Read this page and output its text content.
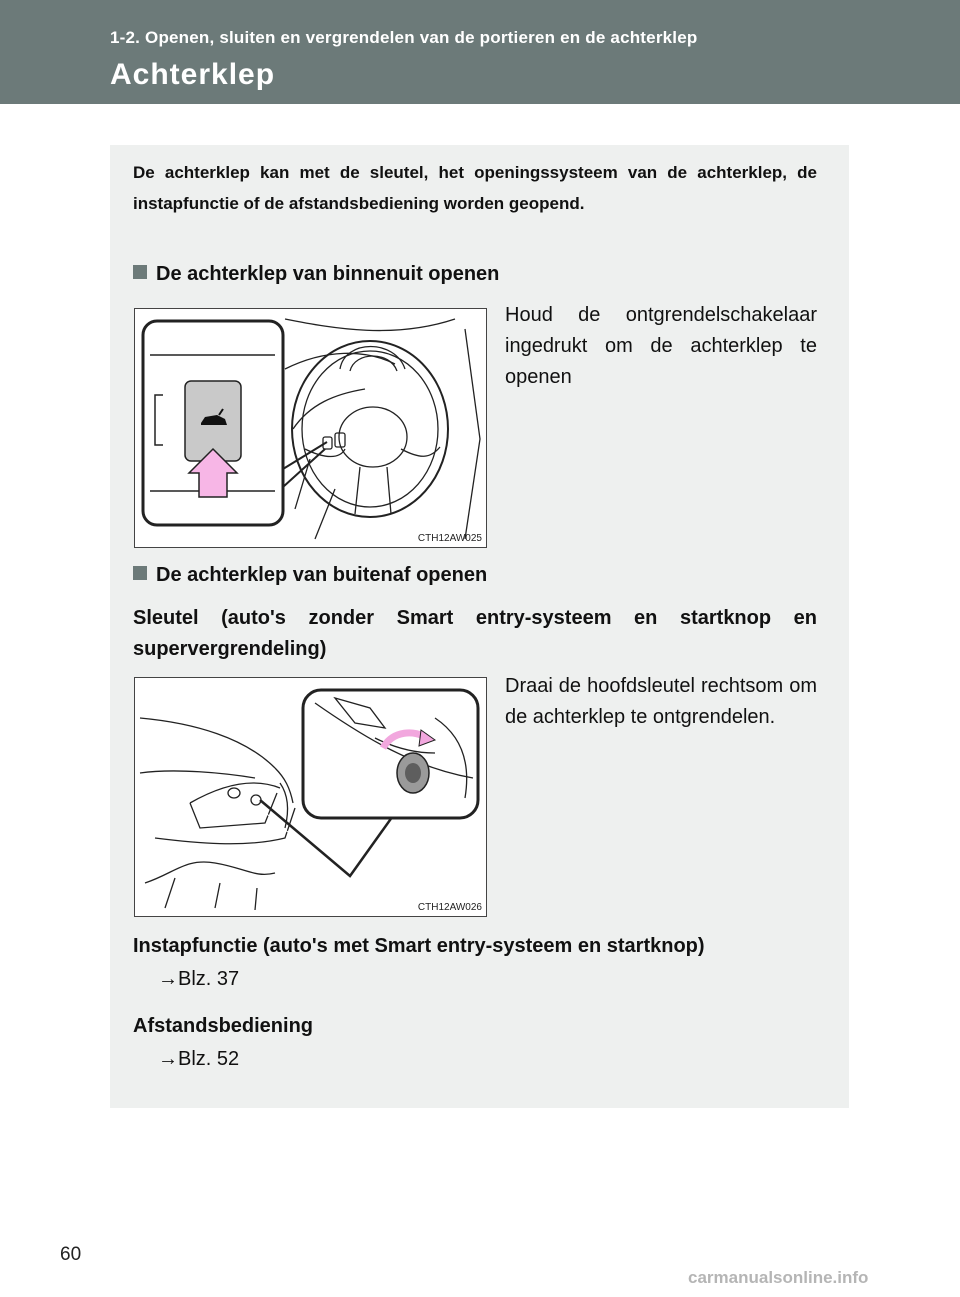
1-2. Openen, sluiten en vergrendelen van de portieren en de achterklep
Achterklep
De achterklep kan met de sleutel, het openingssysteem van de achterklep, de instapfunctie of de afstandsbediening worden geopend.
De achterklep van binnenuit openen
CTH12AW025
Houd de ontgrendelschakelaar ingedrukt om de achterklep te openen
De achterklep van buitenaf openen
Sleutel (auto's zonder Smart entry-systeem en startknop en supervergrendeling)
CTH12AW026
Draai de hoofdsleutel rechtsom om de achterklep te ontgrendelen.
Instapfunctie (auto's met Smart entry-systeem en startknop)
→Blz. 37
Afstandsbediening
→Blz. 52
60
carmanualsonline.info
